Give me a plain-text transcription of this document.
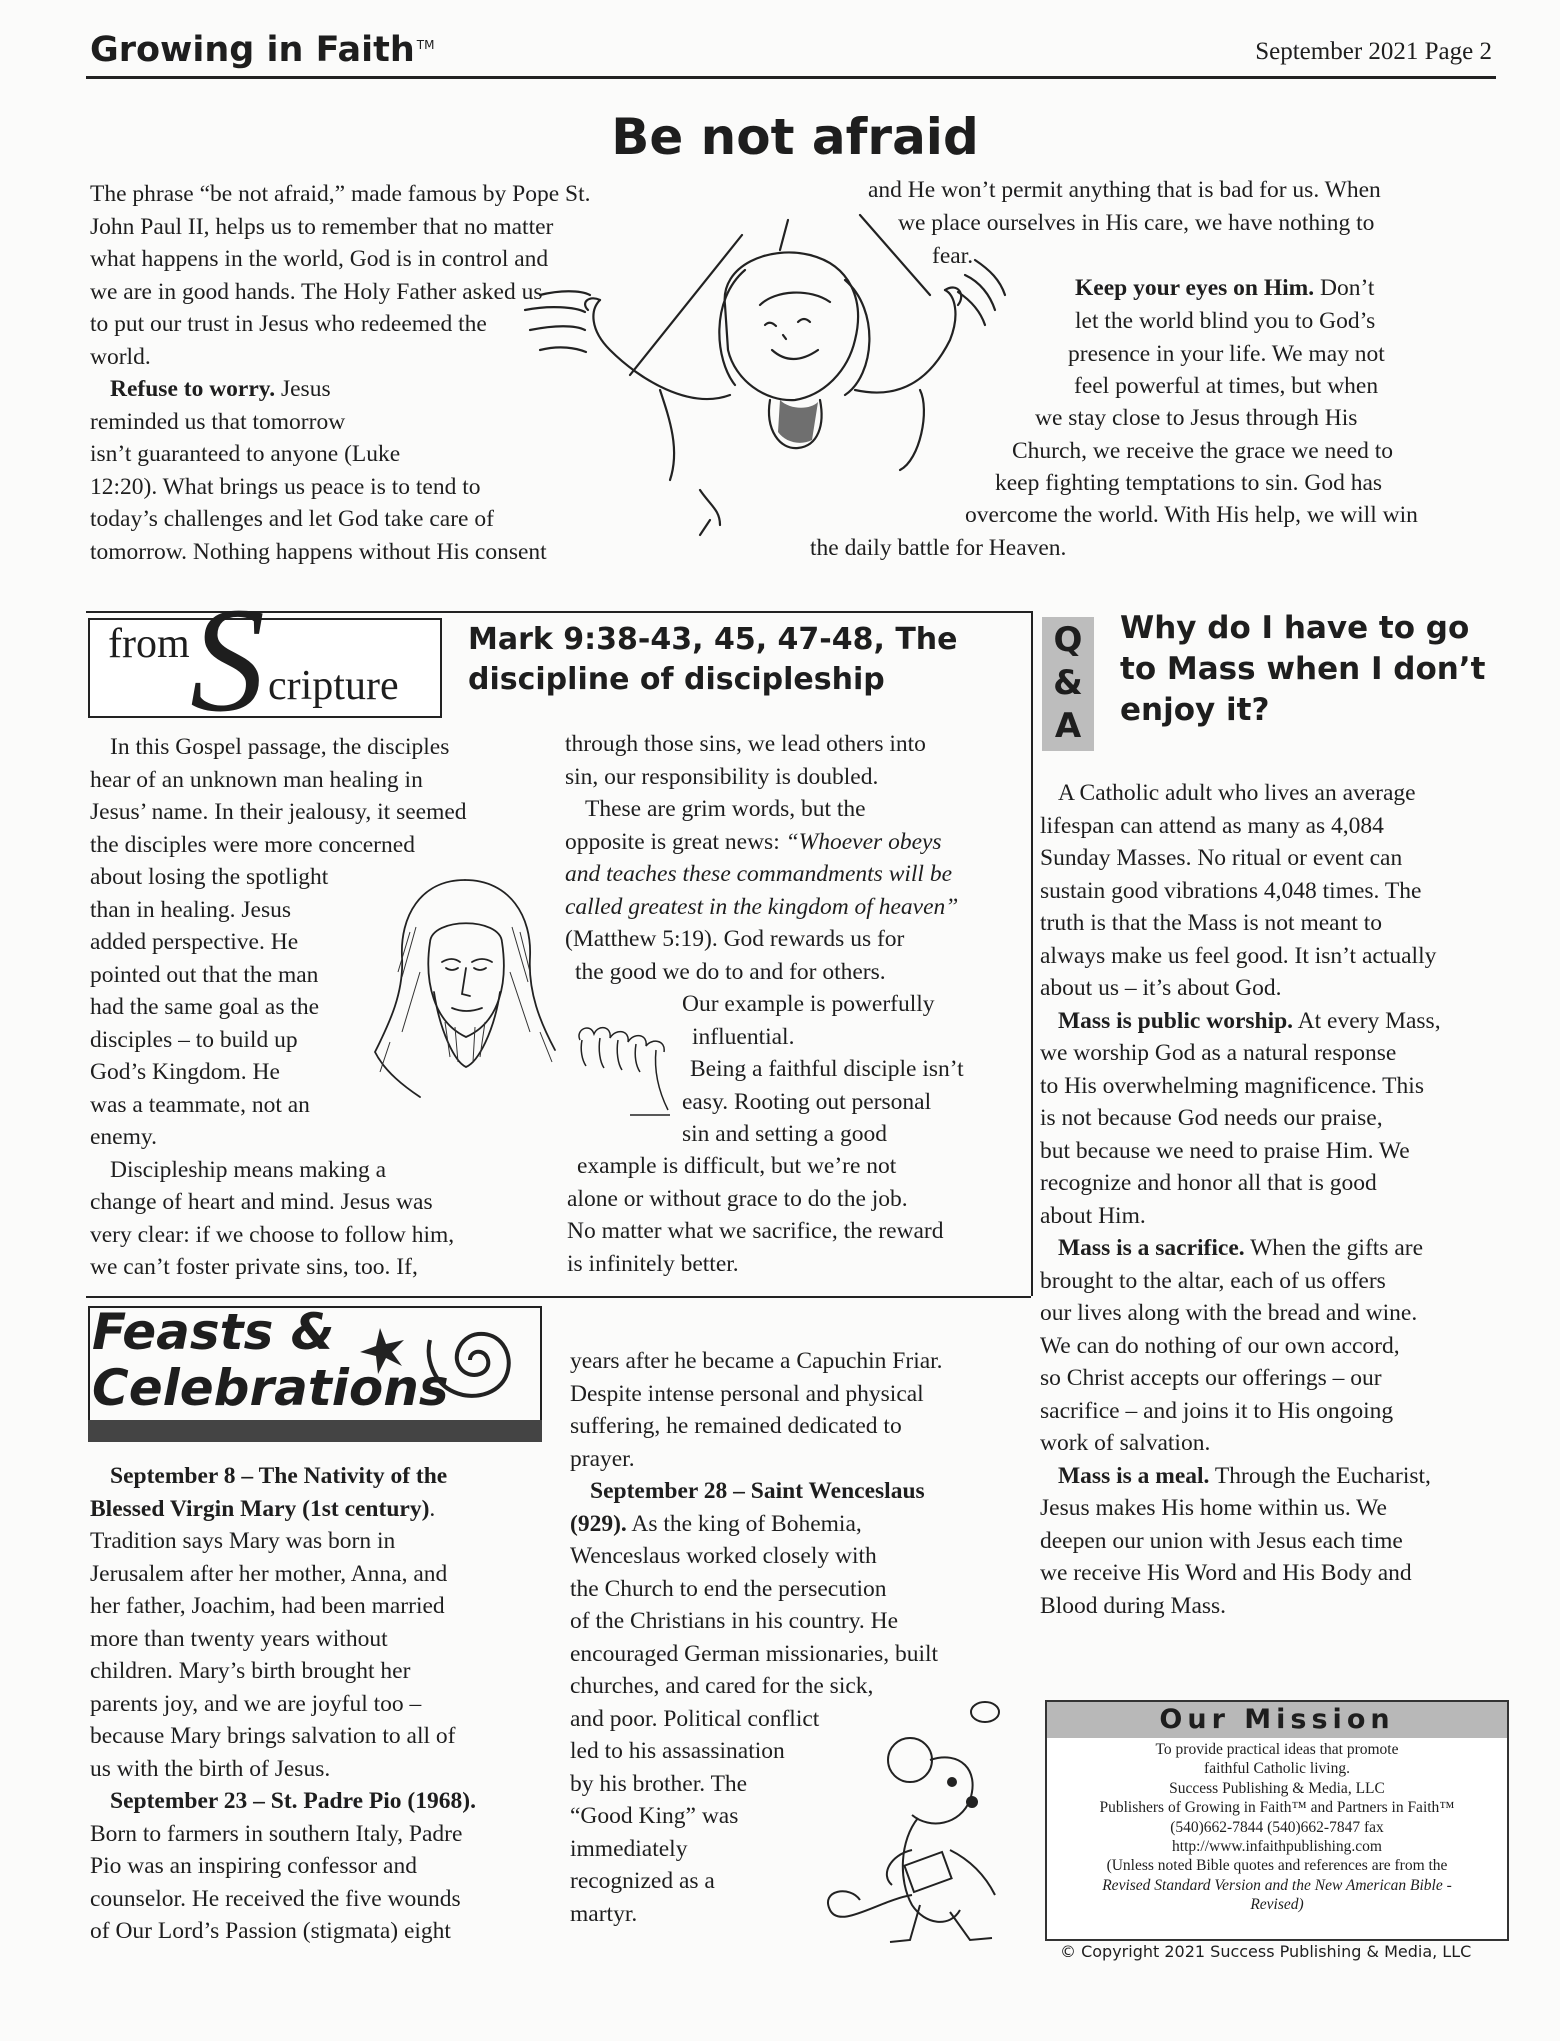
Growing in Faith ™	September 2021 Page 2
Be not afraid
The phrase “be not afraid,” made famous by Pope St.
John Paul II, helps us to remember that no matter
what happens in the world, God is in control and
we are in good hands. The Holy Father asked us
to put our trust in Jesus who redeemed the
world.
Refuse to worry. Jesus
reminded us that tomorrow
isn’t guaranteed to anyone (Luke
12:20). What brings us peace is to tend to
today’s challenges and let God take care of
tomorrow. Nothing happens without His consent
and He won’t permit anything that is bad for us. When
we place ourselves in His care, we have nothing to
fear.
Keep your eyes on Him. Don’t
let the world blind you to God’s
presence in your life. We may not
feel powerful at times, but when
we stay close to Jesus through His
Church, we receive the grace we need to
keep fighting temptations to sin. God has
overcome the world. With His help, we will win
the daily battle for Heaven.
from S cripture
Mark 9:38-43, 45, 47-48, The
discipline of discipleship
In this Gospel passage, the disciples
hear of an unknown man healing in
Jesus’ name. In their jealousy, it seemed
the disciples were more concerned
about losing the spotlight
than in healing. Jesus
added perspective. He
pointed out that the man
had the same goal as the
disciples – to build up
God’s Kingdom. He
was a teammate, not an
enemy.
Discipleship means making a
change of heart and mind. Jesus was
very clear: if we choose to follow him,
we can’t foster private sins, too. If,
through those sins, we lead others into
sin, our responsibility is doubled.
These are grim words, but the
opposite is great news: “Whoever obeys
and teaches these commandments will be
called greatest in the kingdom of heaven”
(Matthew 5:19). God rewards us for
the good we do to and for others.
Our example is powerfully
influential.
Being a faithful disciple isn’t
easy. Rooting out personal
sin and setting a good
example is difficult, but we’re not
alone or without grace to do the job.
No matter what we sacrifice, the reward
is infinitely better.
Feasts &
Celebrations
September 8 – The Nativity of the
Blessed Virgin Mary (1st century).
Tradition says Mary was born in
Jerusalem after her mother, Anna, and
her father, Joachim, had been married
more than twenty years without
children. Mary’s birth brought her
parents joy, and we are joyful too –
because Mary brings salvation to all of
us with the birth of Jesus.
September 23 – St. Padre Pio (1968).
Born to farmers in southern Italy, Padre
Pio was an inspiring confessor and
counselor. He received the five wounds
of Our Lord’s Passion (stigmata) eight
years after he became a Capuchin Friar.
Despite intense personal and physical
suffering, he remained dedicated to
prayer.
September 28 – Saint Wenceslaus
(929). As the king of Bohemia,
Wenceslaus worked closely with
the Church to end the persecution
of the Christians in his country. He
encouraged German missionaries, built
churches, and cared for the sick,
and poor. Political conflict
led to his assassination
by his brother. The
“Good King” was
immediately
recognized as a
martyr.
Q
&
A
Why do I have to go
to Mass when I don’t
enjoy it?
A Catholic adult who lives an average
lifespan can attend as many as 4,084
Sunday Masses. No ritual or event can
sustain good vibrations 4,048 times. The
truth is that the Mass is not meant to
always make us feel good. It isn’t actually
about us – it’s about God.
Mass is public worship. At every Mass,
we worship God as a natural response
to His overwhelming magnificence. This
is not because God needs our praise,
but because we need to praise Him. We
recognize and honor all that is good
about Him.
Mass is a sacrifice. When the gifts are
brought to the altar, each of us offers
our lives along with the bread and wine.
We can do nothing of our own accord,
so Christ accepts our offerings – our
sacrifice – and joins it to His ongoing
work of salvation.
Mass is a meal. Through the Eucharist,
Jesus makes His home within us. We
deepen our union with Jesus each time
we receive His Word and His Body and
Blood during Mass.
Our Mission
To provide practical ideas that promote
faithful Catholic living.
Success Publishing & Media, LLC
Publishers of Growing in Faith™ and Partners in Faith™
(540)662-7844 (540)662-7847 fax
http://www.infaithpublishing.com
(Unless noted Bible quotes and references are from the
Revised Standard Version and the New American Bible -
Revised)
© Copyright 2021 Success Publishing & Media, LLC
